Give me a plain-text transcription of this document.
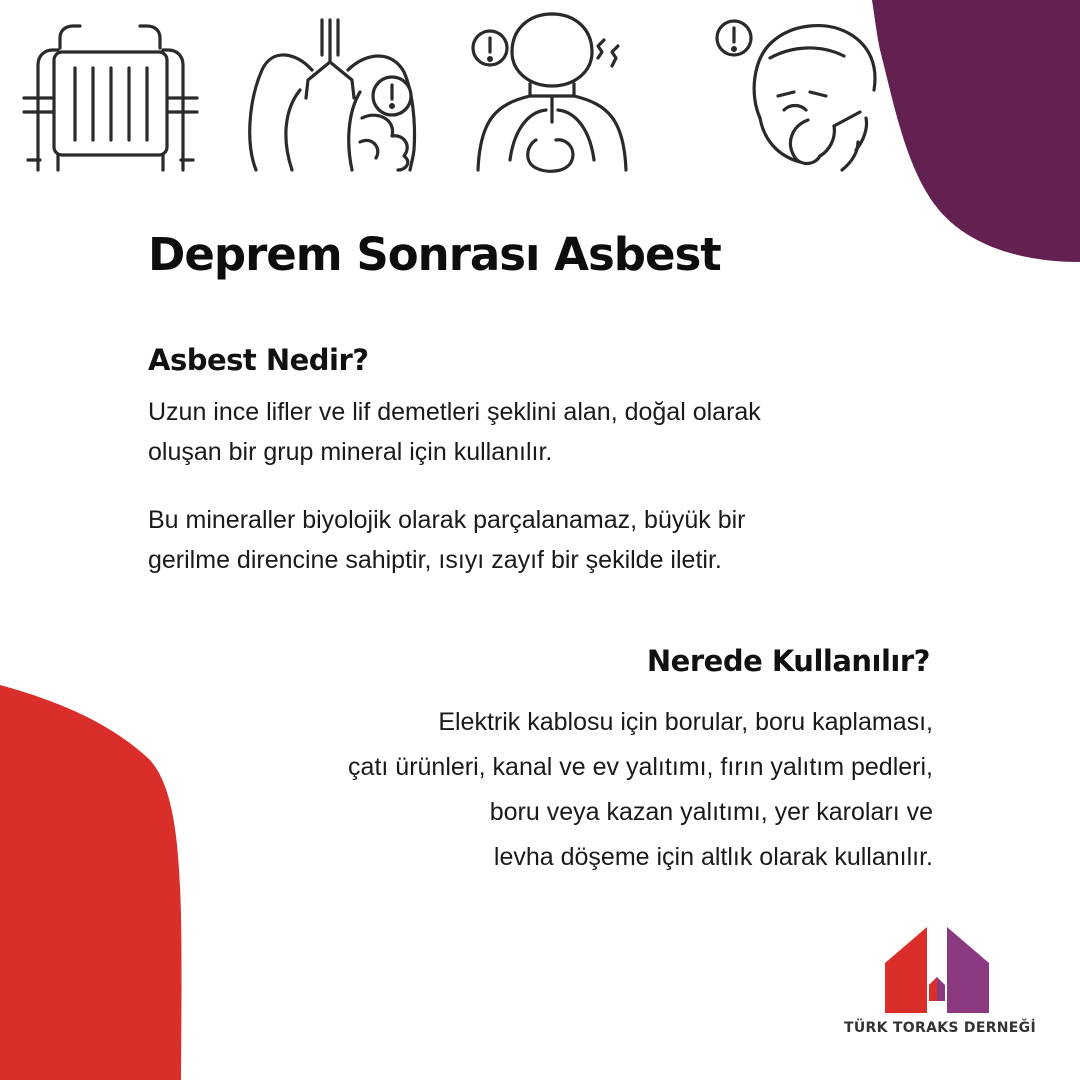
Deprem Sonrası Asbest
Asbest Nedir?

Uzun ince lifler ve lif demetleri şeklini alan, doğal olarak
oluşan bir grup mineral için kullanılır.

Bu mineraller biyolojik olarak parçalanamaz, büyük bir
gerilme direncine sahiptir, ısıyı zayıf bir şekilde iletir.

Nerede Kullanılır?

Elektrik kablosu için borular, boru kaplaması,
çatı ürünleri, kanal ve ev yalıtımı, fırın yalıtım pedleri,
boru veya kazan yalıtımı, yer karoları ve
levha döşeme için altlık olarak kullanılır.

TÜRK TORAKS DERNEĞİ
